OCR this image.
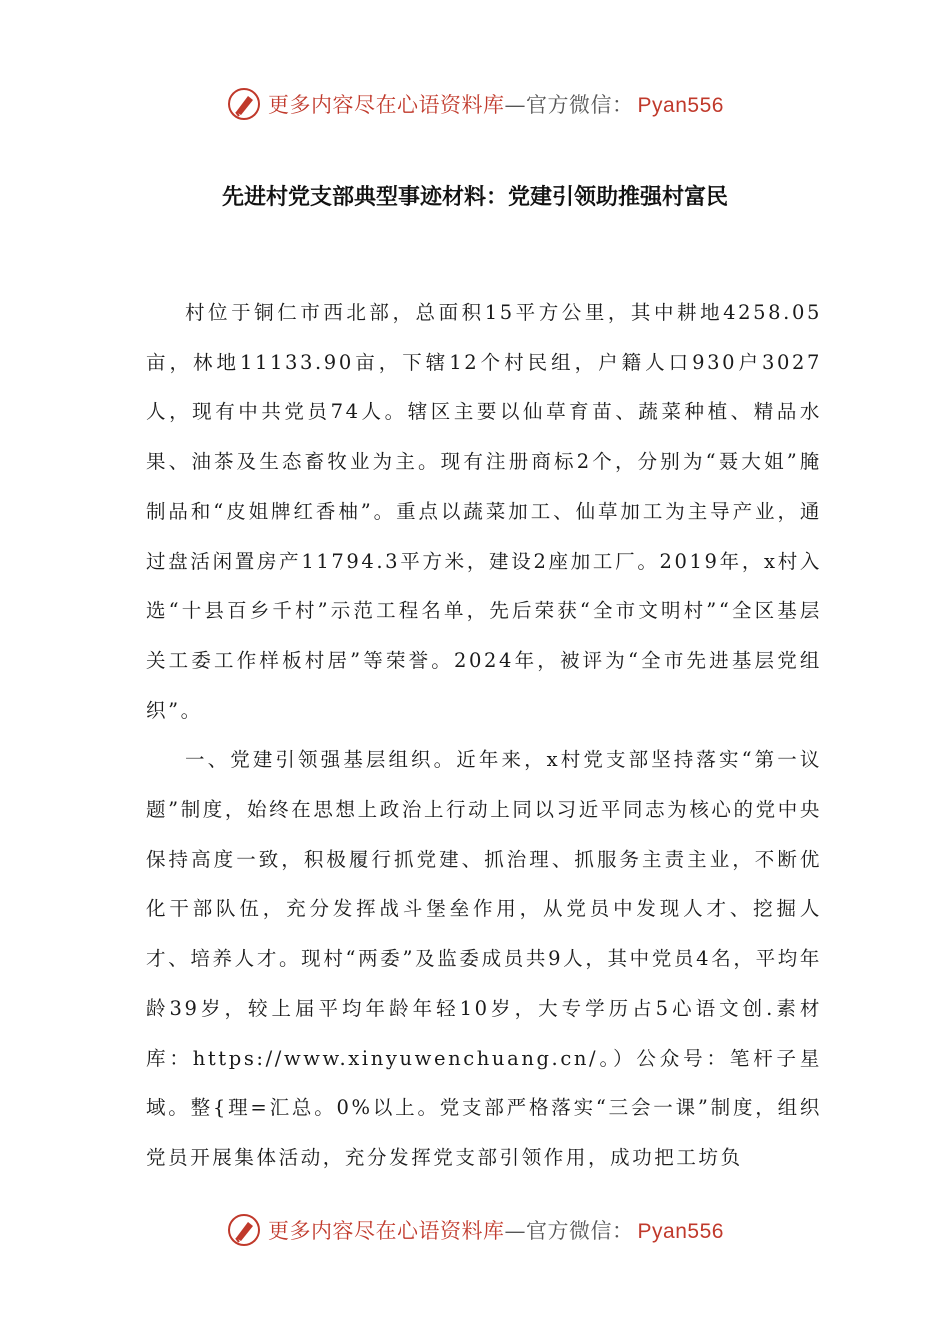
更多内容尽在心语资料库—官方微信： Pyan556
先进村党支部典型事迹材料：党建引领助推强村富民

村位于铜仁市西北部，总面积15平方公里，其中耕地4258.05亩，林地11133.90亩，下辖12个村民组，户籍人口930户3027人，现有中共党员74人。辖区主要以仙草育苗、蔬菜种植、精品水果、油茶及生态畜牧业为主。现有注册商标2个，分别为“聂大姐”腌制品和“皮姐牌红香柚”。重点以蔬菜加工、仙草加工为主导产业，通过盘活闲置房产11794.3平方米，建设2座加工厂。2019年，x村入选“十县百乡千村”示范工程名单，先后荣获“全市文明村”“全区基层关工委工作样板村居”等荣誉。2024年，被评为“全市先进基层党组织”。

一、党建引领强基层组织。近年来，x村党支部坚持落实“第一议题”制度，始终在思想上政治上行动上同以习近平同志为核心的党中央保持高度一致，积极履行抓党建、抓治理、抓服务主责主业，不断优化干部队伍，充分发挥战斗堡垒作用，从党员中发现人才、挖掘人才、培养人才。现村“两委”及监委成员共9人，其中党员4名，平均年龄39岁，较上届平均年龄年轻10岁，大专学历占5心语文创.素材库：https://www.xinyuwenchuang.cn/。）公众号：笔杆子星域。整{理=汇总。0%以上。党支部严格落实“三会一课”制度，组织党员开展集体活动，充分发挥党支部引领作用，成功把工坊负

更多内容尽在心语资料库—官方微信： Pyan556
